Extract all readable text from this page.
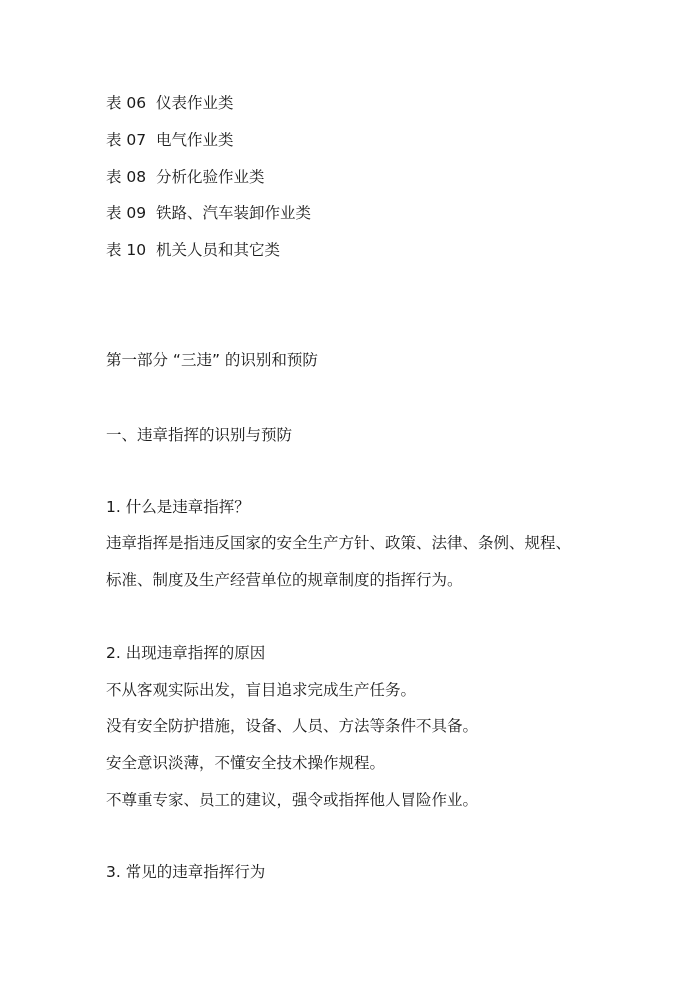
表 06 仪表作业类
表 07 电气作业类
表 08 分析化验作业类
表 09 铁路、汽车装卸作业类
表 10 机关人员和其它类
第一部分 “三违” 的识别和预防
一、违章指挥的识别与预防
1. 什么是违章指挥？
违章指挥是指违反国家的安全生产方针、政策、法律、条例、规程、
标准、制度及生产经营单位的规章制度的指挥行为。
2. 出现违章指挥的原因
不从客观实际出发，盲目追求完成生产任务。
没有安全防护措施，设备、人员、方法等条件不具备。
安全意识淡薄，不懂安全技术操作规程。
不尊重专家、员工的建议，强令或指挥他人冒险作业。
3. 常见的违章指挥行为
